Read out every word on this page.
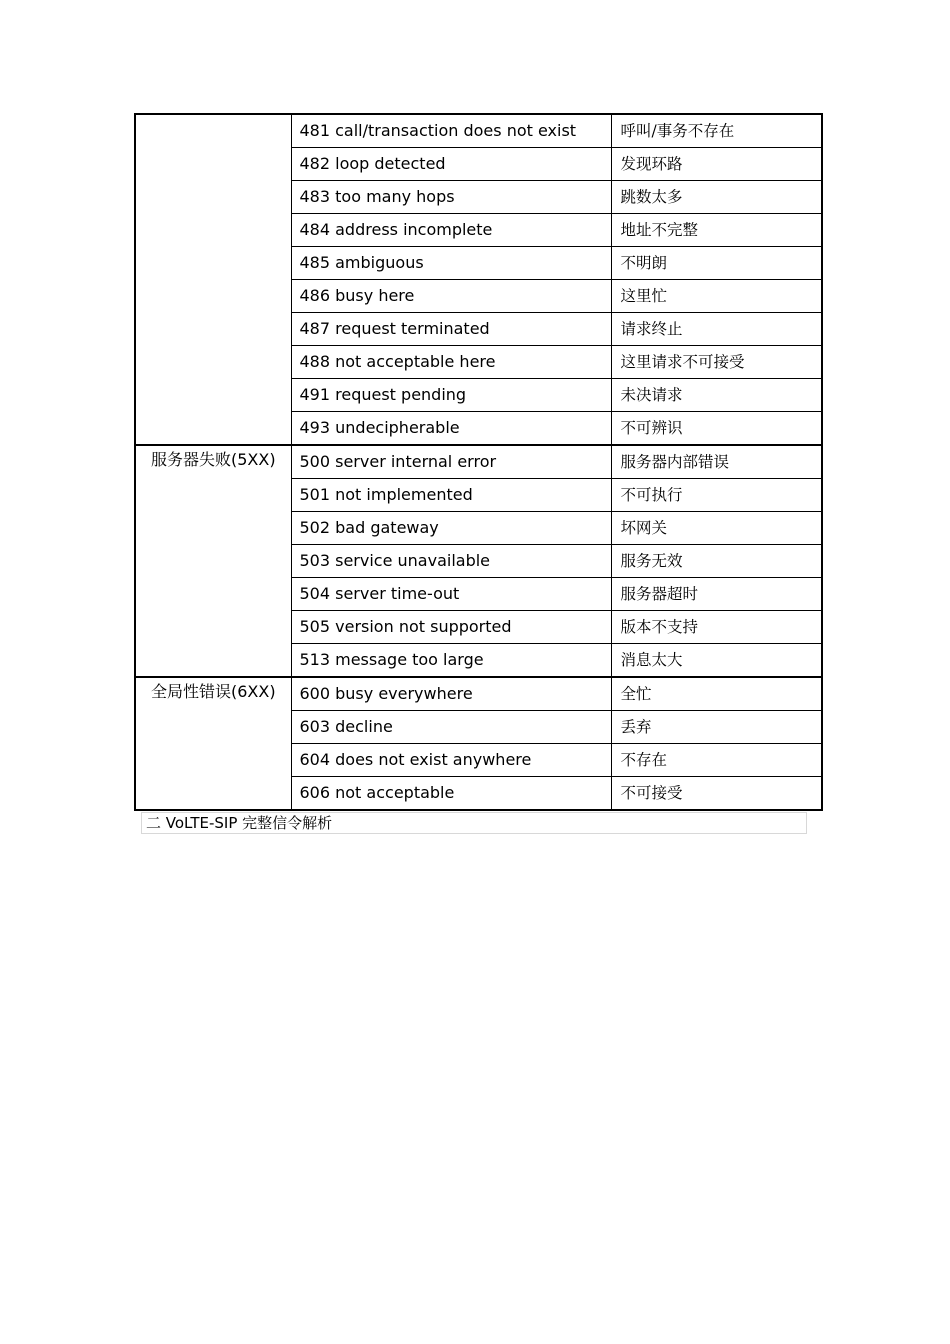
	481 call/transaction does not exist	呼叫/事务不存在
	482 loop detected	发现环路
	483 too many hops	跳数太多
	484 address incomplete	地址不完整
	485 ambiguous	不明朗
	486 busy here	这里忙
	487 request terminated	请求终止
	488 not acceptable here	这里请求不可接受
	491 request pending	未决请求
	493 undecipherable	不可辨识
服务器失败(5XX)	500 server internal error	服务器内部错误
	501 not implemented	不可执行
	502 bad gateway	坏网关
	503 service unavailable	服务无效
	504 server time-out	服务器超时
	505 version not supported	版本不支持
	513 message too large	消息太大
全局性错误(6XX)	600 busy everywhere	全忙
	603 decline	丢弃
	604 does not exist anywhere	不存在
	606 not acceptable	不可接受
二 VoLTE-SIP 完整信令解析
